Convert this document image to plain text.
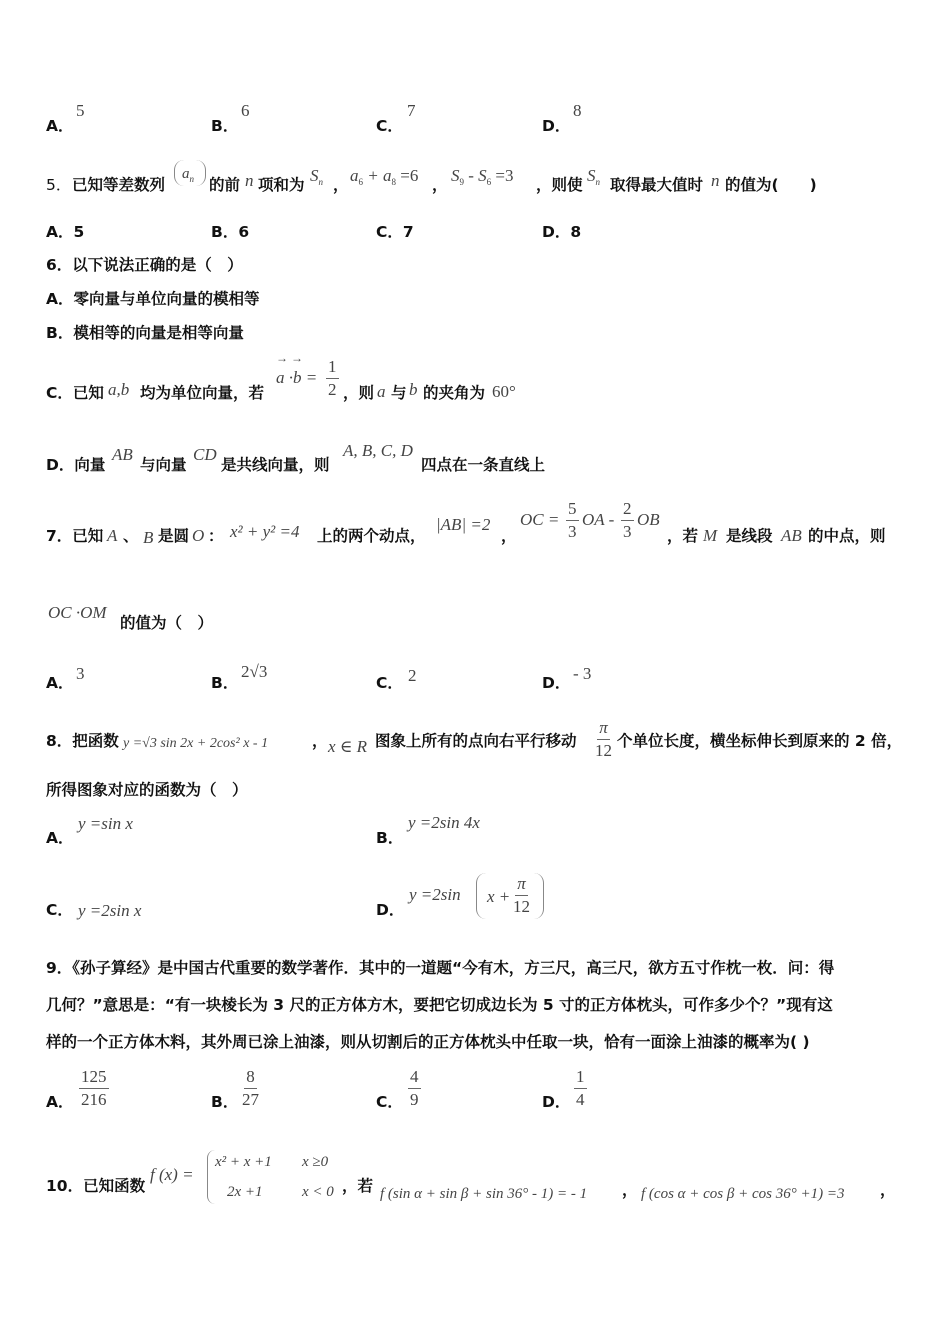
A．
5
B．
6
C．
7
D．
8
5． 已知等差数列
$a_n$ 的前 n 项和为 $S_n$ ， $a_6 + a_8 =6$ ， $S_9 - S_6 =3$ ，则使 $S_n$ 取得最大值时 n 的值为(　　)
A．5	B．6	C．7	D．8
6．以下说法正确的是（　）
A．零向量与单位向量的模相等
B．模相等的向量是相等向量
C．已知 a,b 均为单位向量，若
a ·b =
→ → $\frac{1}{2}$ ，则 a 与 b 的夹角为 60°
D．向量
AB
与向量
CD
是共线向量，则
A, B, C, D
四点在一条直线上
7．已知 A 、 B 是圆 O ： x² + y² =4 上的两个动点，
|AB| =2
，
OC = $\frac{5}{3}$ OA - $\frac{2}{3}$ OB
，若 M 是线段 AB 的中点，则
OC ·OM
的值为（　）
A． 3	B．
2√3
C． 2	D． - 3
8．把函数 y =√3 sin 2x + 2cos² x - 1	， x ∈ R 图象上所有的点向右平行移动 $\frac{\pi}{12}$ 个单位长度，横坐标伸长到原来的 2 倍，
所得图象对应的函数为（　）
A．
y =sin x
B．
y =2sin 4x
C． y =2sin x	D．
y =2sin $x + \frac{\pi}{12}$
9．《孙子算经》是中国古代重要的数学著作．其中的一道题“今有木，方三尺，高三尺，欲方五寸作枕一枚．问：得
几何？”意思是：“有一块棱长为 3 尺的正方体方木，要把它切成边长为 5 寸的正方体枕头，可作多少个？”现有这
样的一个正方体木料，其外周已涂上油漆，则从切割后的正方体枕头中任取一块，恰有一面涂上油漆的概率为( )
A． $\frac{125}{216}$	B． $\frac{8}{27}$	C． $\frac{4}{9}$	D． $\frac{1}{4}$
10．已知函数
f (x) =
x² + x +1 x ≥0
2x +1	x < 0 ，若 f (sin α + sin β + sin 36° - 1) = - 1 ， f (cos α + cos β + cos 36° +1) =3 ，
